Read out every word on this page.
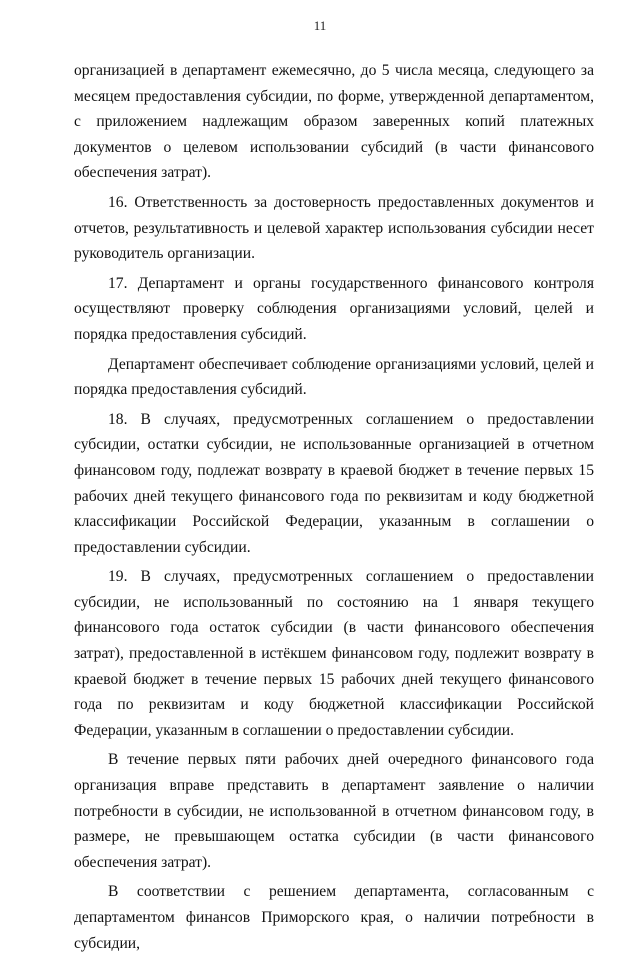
11

организацией в департамент ежемесячно, до 5 числа месяца, следующего за месяцем предоставления субсидии, по форме, утвержденной департаментом, с приложением надлежащим образом заверенных копий платежных документов о целевом использовании субсидий (в части финансового обеспечения затрат).

16. Ответственность за достоверность предоставленных документов и отчетов, результативность и целевой характер использования субсидии несет руководитель организации.

17. Департамент и органы государственного финансового контроля осуществляют проверку соблюдения организациями условий, целей и порядка предоставления субсидий.

Департамент обеспечивает соблюдение организациями условий, целей и порядка предоставления субсидий.

18. В случаях, предусмотренных соглашением о предоставлении субсидии, остатки субсидии, не использованные организацией в отчетном финансовом году, подлежат возврату в краевой бюджет в течение первых 15 рабочих дней текущего финансового года по реквизитам и коду бюджетной классификации Российской Федерации, указанным в соглашении о предоставлении субсидии.

19. В случаях, предусмотренных соглашением о предоставлении субсидии, не использованный по состоянию на 1 января текущего финансового года остаток субсидии (в части финансового обеспечения затрат), предоставленной в истёкшем финансовом году, подлежит возврату в краевой бюджет в течение первых 15 рабочих дней текущего финансового года по реквизитам и коду бюджетной классификации Российской Федерации, указанным в соглашении о предоставлении субсидии.

В течение первых пяти рабочих дней очередного финансового года организация вправе представить в департамент заявление о наличии потребности в субсидии, не использованной в отчетном финансовом году, в размере, не превышающем остатка субсидии (в части финансового обеспечения затрат).

В соответствии с решением департамента, согласованным с департаментом финансов Приморского края, о наличии потребности в субсидии,
